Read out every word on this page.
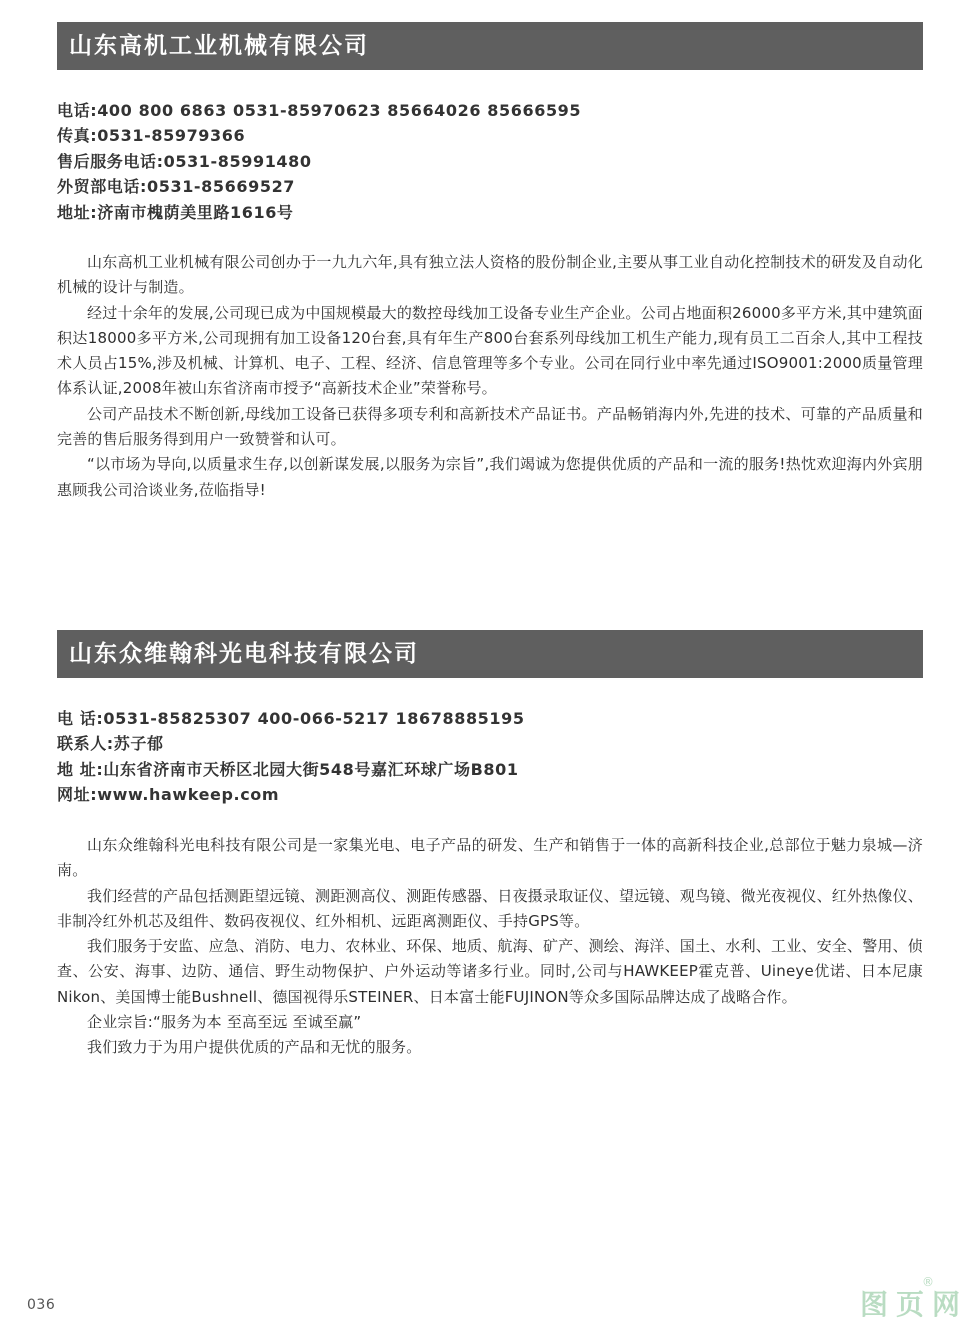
山东高机工业机械有限公司
电话:400 800 6863 0531-85970623 85664026 85666595
传真:0531-85979366
售后服务电话:0531-85991480
外贸部电话:0531-85669527
地址:济南市槐荫美里路1616号

山东高机工业机械有限公司创办于一九九六年,具有独立法人资格的股份制企业,主要从事工业自动化控制技术的研发及自动化机械的设计与制造。

经过十余年的发展,公司现已成为中国规模最大的数控母线加工设备专业生产企业。公司占地面积26000多平方米,其中建筑面积达18000多平方米,公司现拥有加工设备120台套,具有年生产800台套系列母线加工机生产能力,现有员工二百余人,其中工程技术人员占15%,涉及机械、计算机、电子、工程、经济、信息管理等多个专业。公司在同行业中率先通过ISO9001:2000质量管理体系认证,2008年被山东省济南市授予“高新技术企业”荣誉称号。

公司产品技术不断创新,母线加工设备已获得多项专利和高新技术产品证书。产品畅销海内外,先进的技术、可靠的产品质量和完善的售后服务得到用户一致赞誉和认可。

“以市场为导向,以质量求生存,以创新谋发展,以服务为宗旨”,我们竭诚为您提供优质的产品和一流的服务!热忱欢迎海内外宾朋惠顾我公司洽谈业务,莅临指导!

山东众维翰科光电科技有限公司
电 话:0531-85825307 400-066-5217 18678885195
联系人:苏子郁
地 址:山东省济南市天桥区北园大街548号嘉汇环球广场B801
网址:www.hawkeep.com

山东众维翰科光电科技有限公司是一家集光电、电子产品的研发、生产和销售于一体的高新科技企业,总部位于魅力泉城—济南。

我们经营的产品包括测距望远镜、测距测高仪、测距传感器、日夜摄录取证仪、望远镜、观鸟镜、微光夜视仪、红外热像仪、非制冷红外机芯及组件、数码夜视仪、红外相机、远距离测距仪、手持GPS等。

我们服务于安监、应急、消防、电力、农林业、环保、地质、航海、矿产、测绘、海洋、国土、水利、工业、安全、警用、侦查、公安、海事、边防、通信、野生动物保护、户外运动等诸多行业。同时,公司与HAWKEEP霍克普、Uineye优诺、日本尼康Nikon、美国博士能Bushnell、德国视得乐STEINER、日本富士能FUJINON等众多国际品牌达成了战略合作。

企业宗旨:“服务为本 至高至远 至诚至赢”

我们致力于为用户提供优质的产品和无忧的服务。

036	图页网
®
